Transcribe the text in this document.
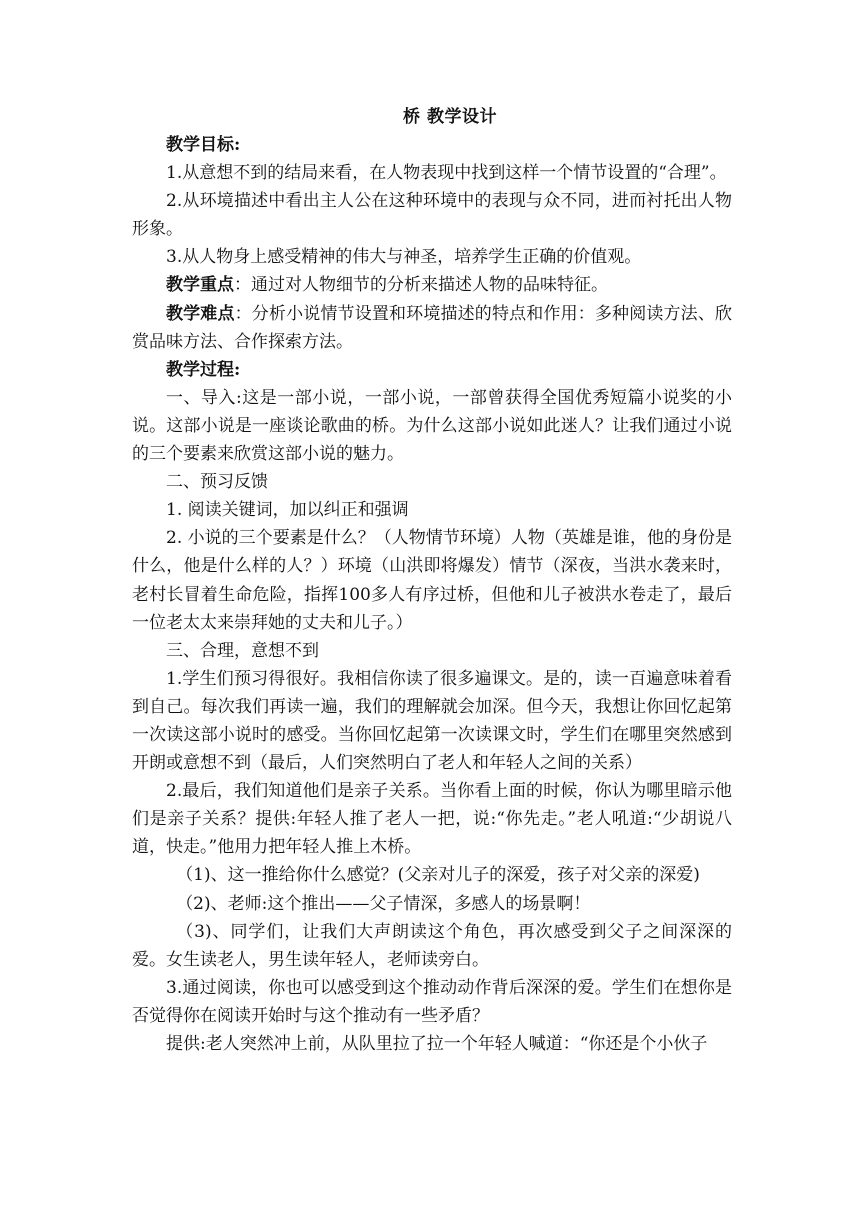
桥 教学设计

教学目标:

1.从意想不到的结局来看，在人物表现中找到这样一个情节设置的“合理”。

2.从环境描述中看出主人公在这种环境中的表现与众不同，进而衬托出人物形象。

3.从人物身上感受精神的伟大与神圣，培养学生正确的价值观。

教学重点：通过对人物细节的分析来描述人物的品味特征。

教学难点：分析小说情节设置和环境描述的特点和作用：多种阅读方法、欣赏品味方法、合作探索方法。

教学过程:

一、导入:这是一部小说，一部小说，一部曾获得全国优秀短篇小说奖的小说。这部小说是一座谈论歌曲的桥。为什么这部小说如此迷人？让我们通过小说的三个要素来欣赏这部小说的魅力。

二、预习反馈

1. 阅读关键词，加以纠正和强调

2. 小说的三个要素是什么？（人物情节环境）人物（英雄是谁，他的身份是什么，他是什么样的人？）环境（山洪即将爆发）情节（深夜，当洪水袭来时，老村长冒着生命危险，指挥100多人有序过桥，但他和儿子被洪水卷走了，最后一位老太太来崇拜她的丈夫和儿子。）

三、合理，意想不到

1.学生们预习得很好。我相信你读了很多遍课文。是的，读一百遍意味着看到自己。每次我们再读一遍，我们的理解就会加深。但今天，我想让你回忆起第一次读这部小说时的感受。当你回忆起第一次读课文时，学生们在哪里突然感到开朗或意想不到（最后，人们突然明白了老人和年轻人之间的关系）

2.最后，我们知道他们是亲子关系。当你看上面的时候，你认为哪里暗示他们是亲子关系？提供:年轻人推了老人一把，说:“你先走。”老人吼道:“少胡说八道，快走。”他用力把年轻人推上木桥。

（1)、这一推给你什么感觉？(父亲对儿子的深爱，孩子对父亲的深爱)

（2)、老师:这个推出——父子情深，多感人的场景啊！

（3)、同学们，让我们大声朗读这个角色，再次感受到父子之间深深的爱。女生读老人，男生读年轻人，老师读旁白。

3.通过阅读，你也可以感受到这个推动动作背后深深的爱。学生们在想你是否觉得你在阅读开始时与这个推动有一些矛盾？

提供:老人突然冲上前，从队里拉了拉一个年轻人喊道：“你还是个小伙子
